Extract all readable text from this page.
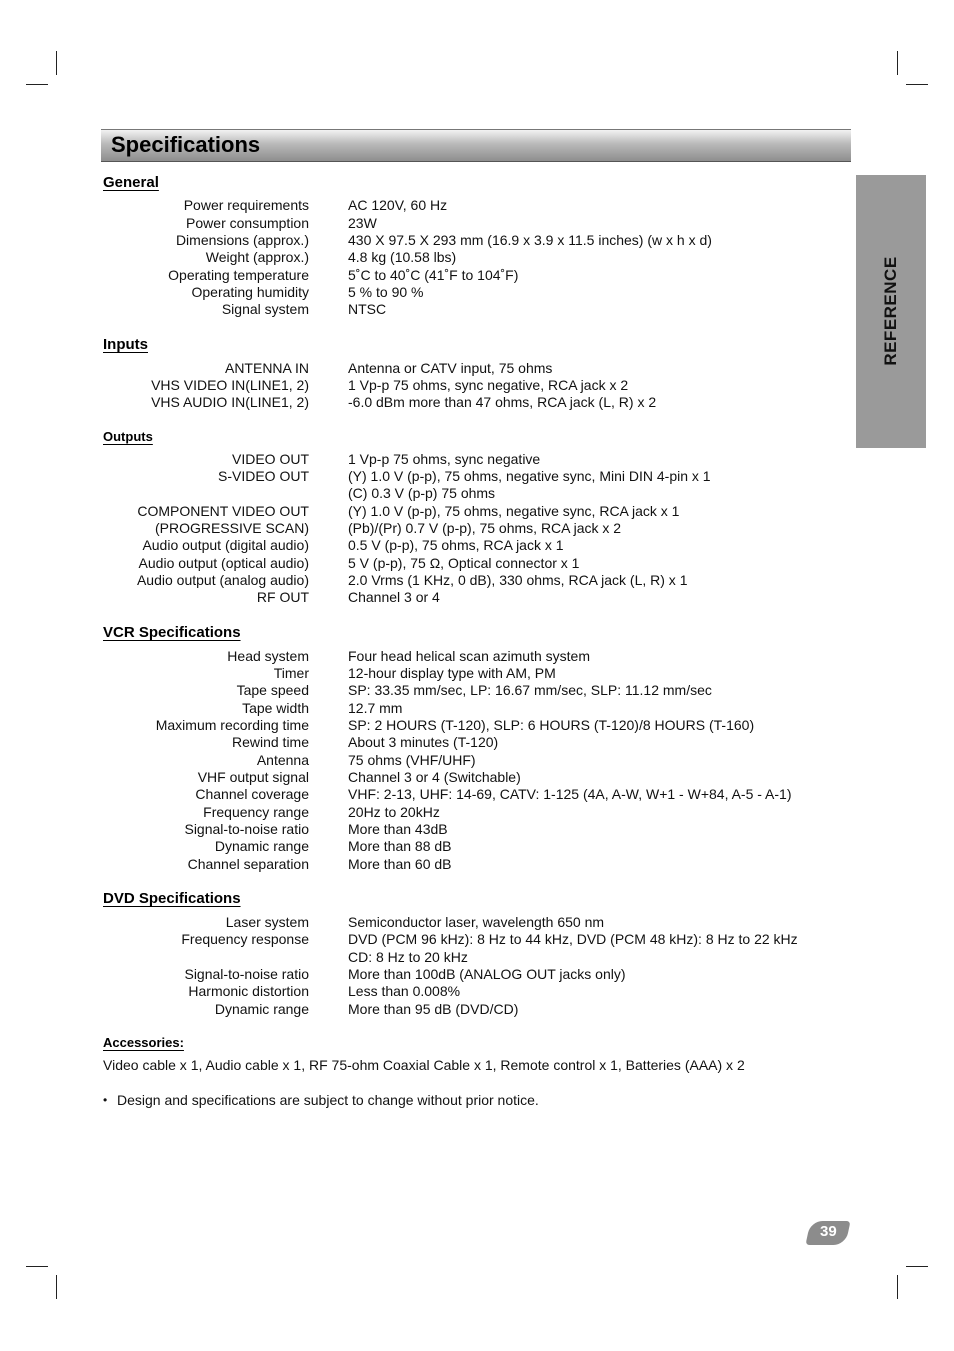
Specifications
REFERENCE
General
Power requirements	AC 120V, 60 Hz
Power consumption	23W
Dimensions (approx.)	430 X 97.5 X 293 mm (16.9 x 3.9 x 11.5 inches) (w x h x d)
Weight (approx.)	4.8 kg (10.58 lbs)
Operating temperature	5˚C to 40˚C (41˚F to 104˚F)
Operating humidity	5 % to 90 %
Signal system	NTSC
Inputs
ANTENNA IN	Antenna or CATV input, 75 ohms
VHS VIDEO IN(LINE1, 2)	1 Vp-p 75 ohms, sync negative, RCA jack x 2
VHS AUDIO IN(LINE1, 2)	-6.0 dBm more than 47 ohms, RCA jack (L, R) x 2
Outputs
VIDEO OUT	1 Vp-p 75 ohms, sync negative
S-VIDEO OUT	(Y) 1.0 V (p-p), 75 ohms, negative sync, Mini DIN 4-pin x 1
(C) 0.3 V (p-p) 75 ohms
COMPONENT VIDEO OUT	(Y) 1.0 V (p-p), 75 ohms, negative sync, RCA jack x 1
(PROGRESSIVE SCAN)	(Pb)/(Pr) 0.7 V (p-p), 75 ohms, RCA jack x 2
Audio output (digital audio)	0.5 V (p-p), 75 ohms, RCA jack x 1
Audio output (optical audio)	5 V (p-p), 75 Ω, Optical connector x 1
Audio output (analog audio)	2.0 Vrms (1 KHz, 0 dB), 330 ohms, RCA jack (L, R) x 1
RF OUT	Channel 3 or 4
VCR Specifications
Head system	Four head helical scan azimuth system
Timer	12-hour display type with AM, PM
Tape speed	SP: 33.35 mm/sec, LP: 16.67 mm/sec, SLP: 11.12 mm/sec
Tape width	12.7 mm
Maximum recording time	SP: 2 HOURS (T-120), SLP: 6 HOURS (T-120)/8 HOURS (T-160)
Rewind time	About 3 minutes (T-120)
Antenna	75 ohms (VHF/UHF)
VHF output signal	Channel 3 or 4 (Switchable)
Channel coverage	VHF: 2-13, UHF: 14-69, CATV: 1-125 (4A, A-W, W+1 - W+84, A-5 - A-1)
Frequency range	20Hz to 20kHz
Signal-to-noise ratio	More than 43dB
Dynamic range	More than 88 dB
Channel separation	More than 60 dB
DVD Specifications
Laser system	Semiconductor laser, wavelength 650 nm
Frequency response	DVD (PCM 96 kHz): 8 Hz to 44 kHz, DVD (PCM 48 kHz): 8 Hz to 22 kHz
CD: 8 Hz to 20 kHz
Signal-to-noise ratio	More than 100dB (ANALOG OUT jacks only)
Harmonic distortion	Less than 0.008%
Dynamic range	More than 95 dB (DVD/CD)
Accessories:
Video cable x 1, Audio cable x 1, RF 75-ohm Coaxial Cable x 1, Remote control x 1, Batteries (AAA) x 2
• Design and specifications are subject to change without prior notice.
39
